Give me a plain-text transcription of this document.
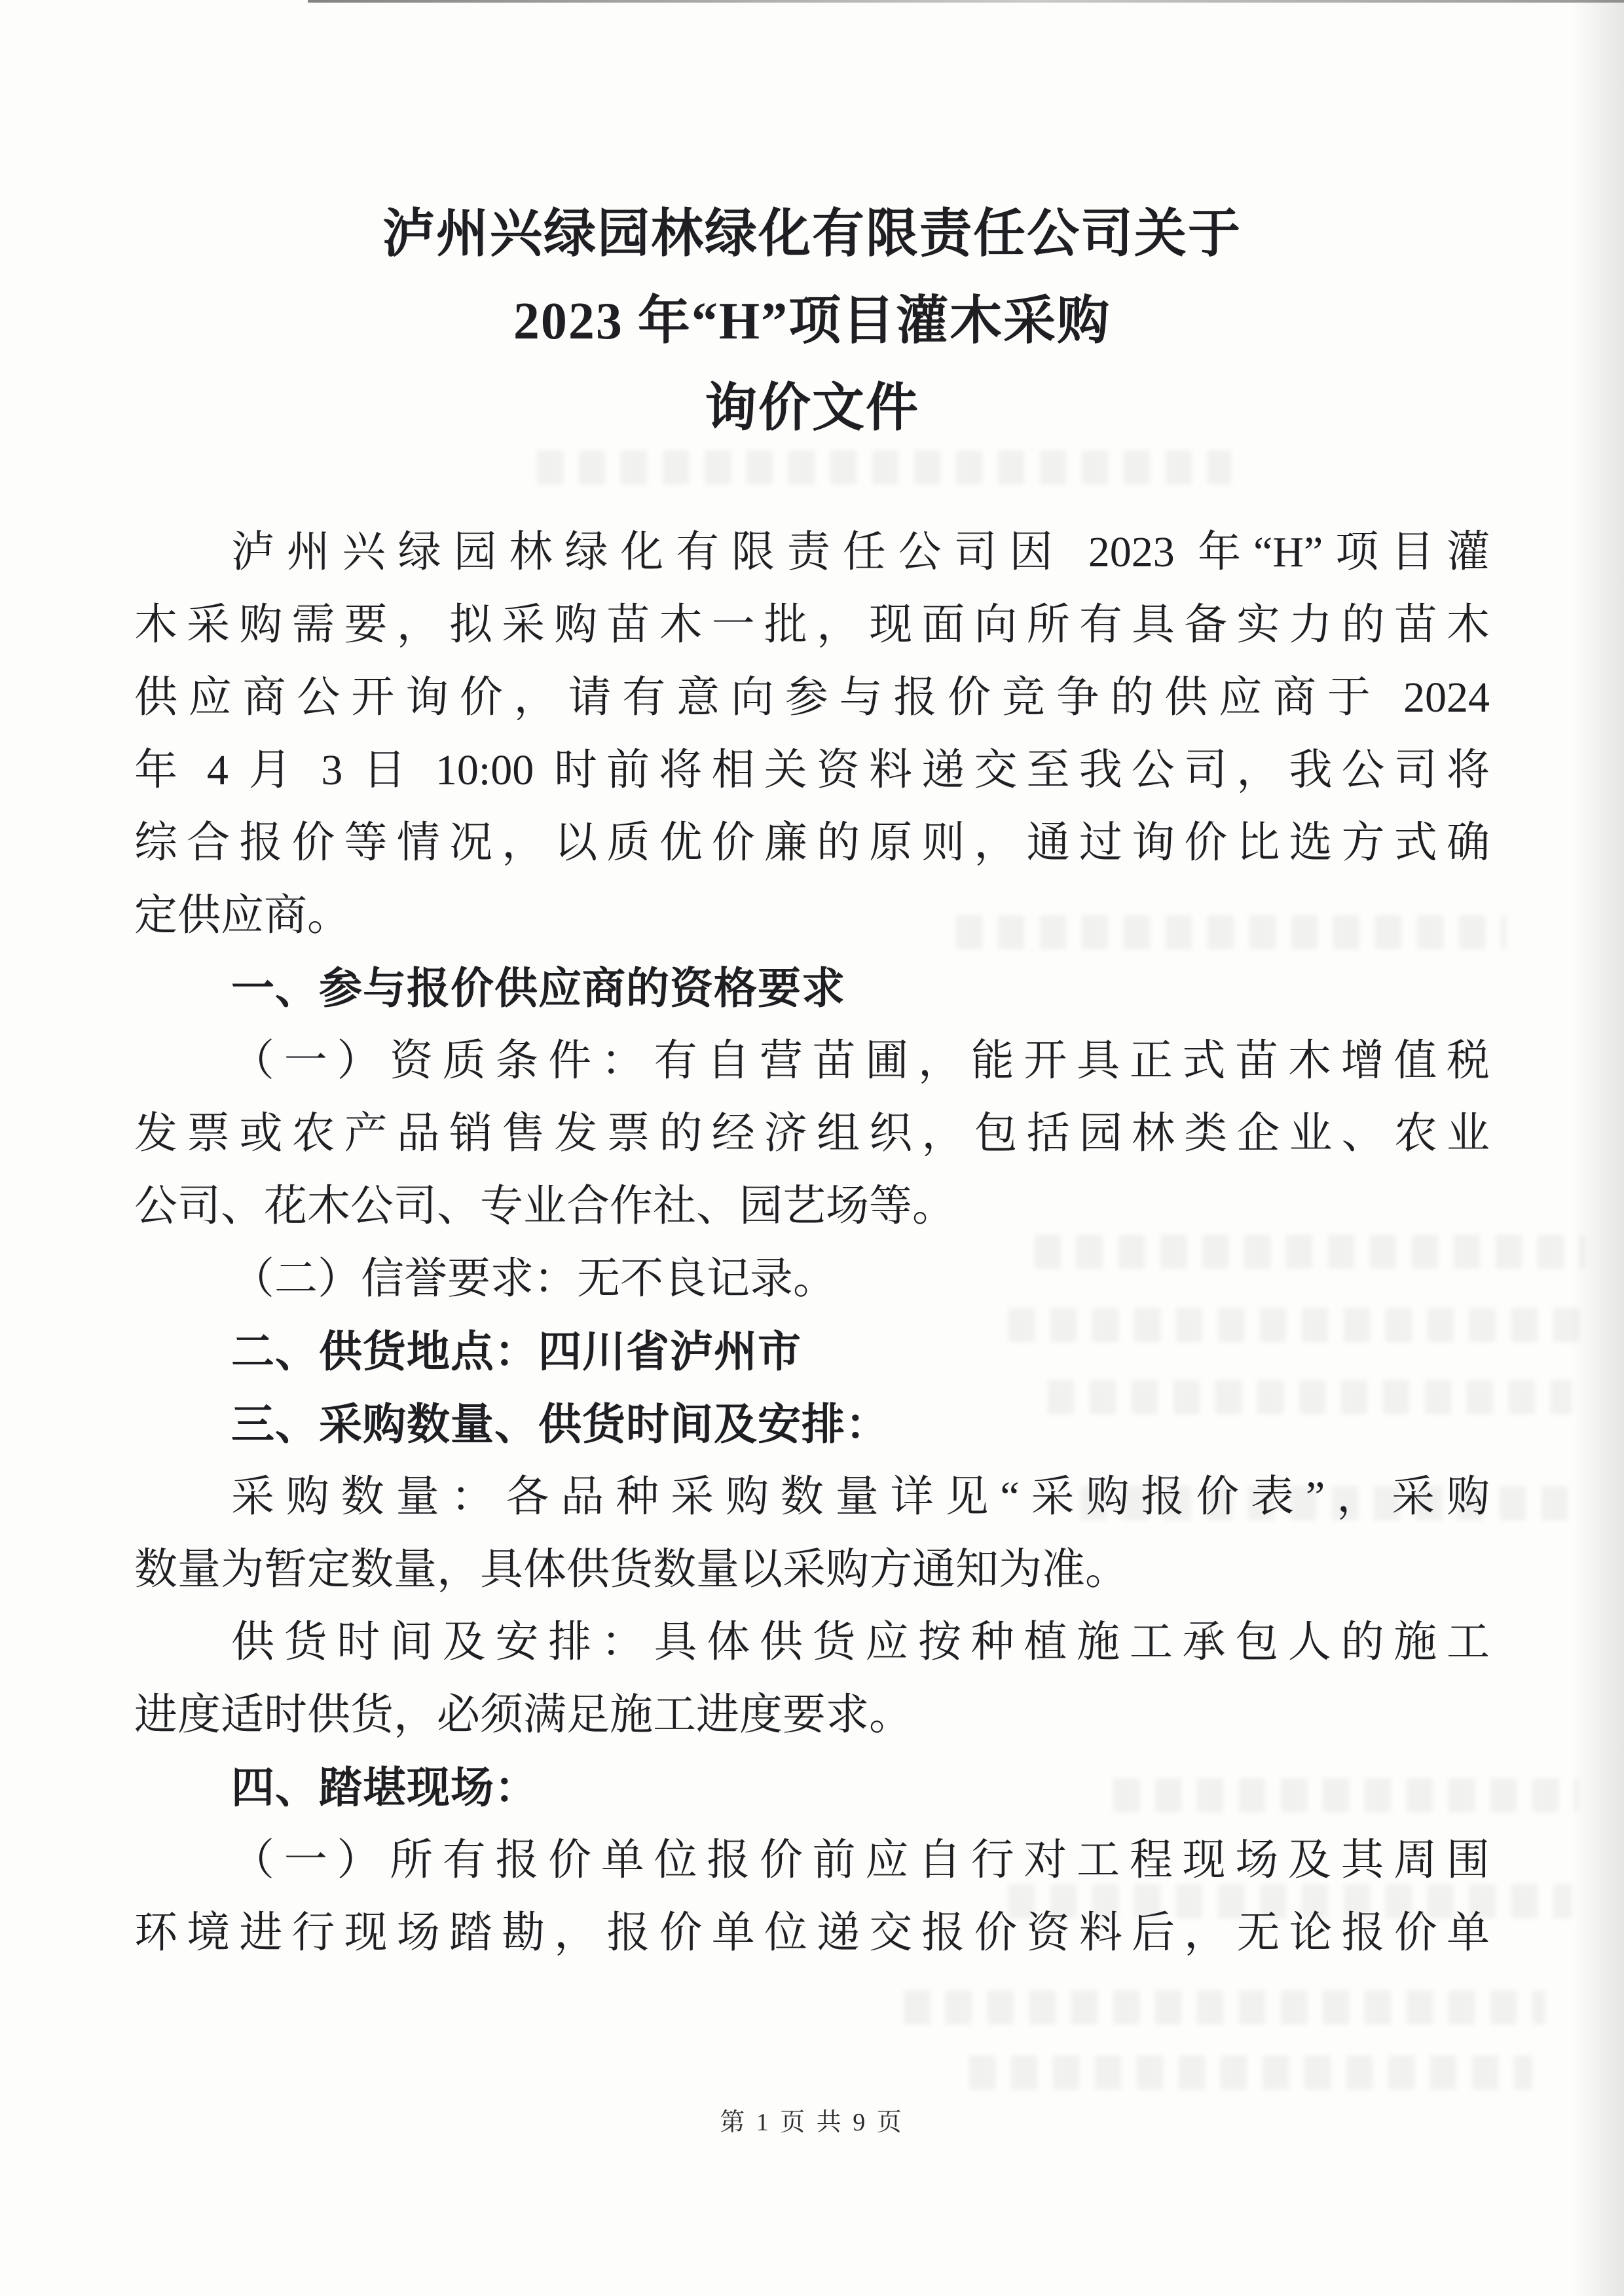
泸州兴绿园林绿化有限责任公司关于
2023 年“H”项目灌木采购
询价文件
泸州兴绿园林绿化有限责任公司因 2023 年“H”项目灌
木采购需要，拟采购苗木一批，现面向所有具备实力的苗木
供应商公开询价，请有意向参与报价竞争的供应商于 2024
年 4 月 3 日 10:00 时前将相关资料递交至我公司，我公司将
综合报价等情况，以质优价廉的原则，通过询价比选方式确
定供应商。
一、参与报价供应商的资格要求
（一）资质条件：有自营苗圃，能开具正式苗木增值税
发票或农产品销售发票的经济组织，包括园林类企业、农业
公司、花木公司、专业合作社、园艺场等。
（二）信誉要求：无不良记录。
二、供货地点：四川省泸州市
三、采购数量、供货时间及安排：
采购数量：各品种采购数量详见“采购报价表”，采购
数量为暂定数量，具体供货数量以采购方通知为准。
供货时间及安排：具体供货应按种植施工承包人的施工
进度适时供货，必须满足施工进度要求。
四、踏堪现场：
（一）所有报价单位报价前应自行对工程现场及其周围
环境进行现场踏勘，报价单位递交报价资料后，无论报价单
第 1 页 共 9 页
